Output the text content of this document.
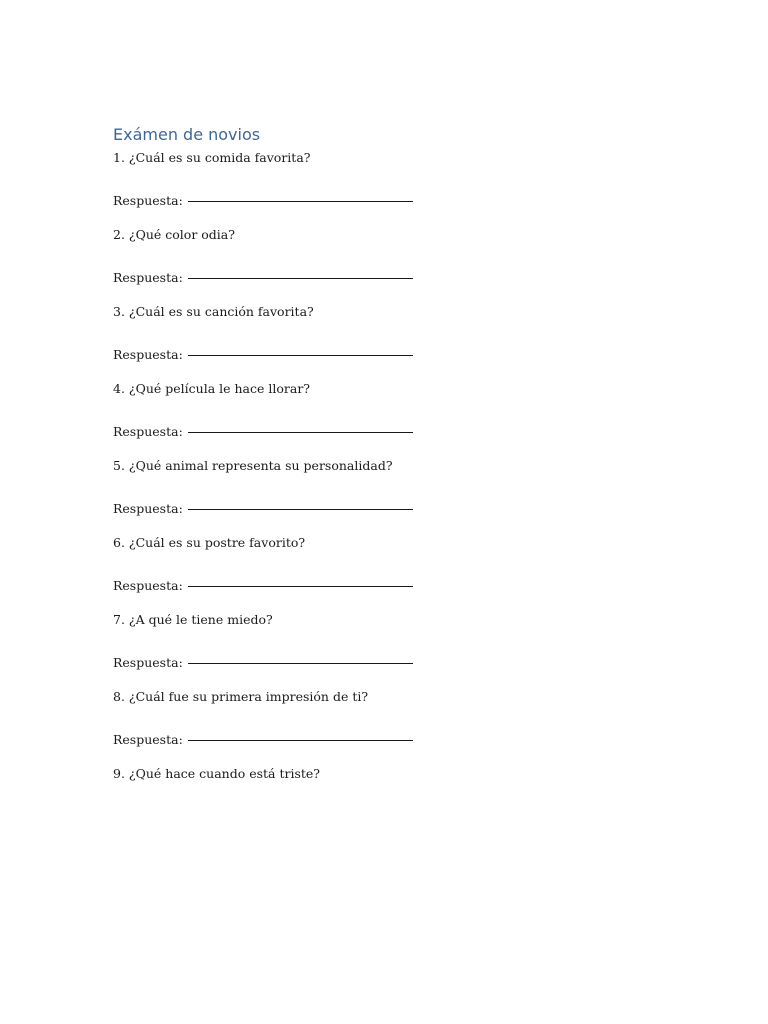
Exámen de novios
1. ¿Cuál es su comida favorita?
Respuesta:
2. ¿Qué color odia?
Respuesta:
3. ¿Cuál es su canción favorita?
Respuesta:
4. ¿Qué película le hace llorar?
Respuesta:
5. ¿Qué animal representa su personalidad?
Respuesta:
6. ¿Cuál es su postre favorito?
Respuesta:
7. ¿A qué le tiene miedo?
Respuesta:
8. ¿Cuál fue su primera impresión de ti?
Respuesta:
9. ¿Qué hace cuando está triste?
